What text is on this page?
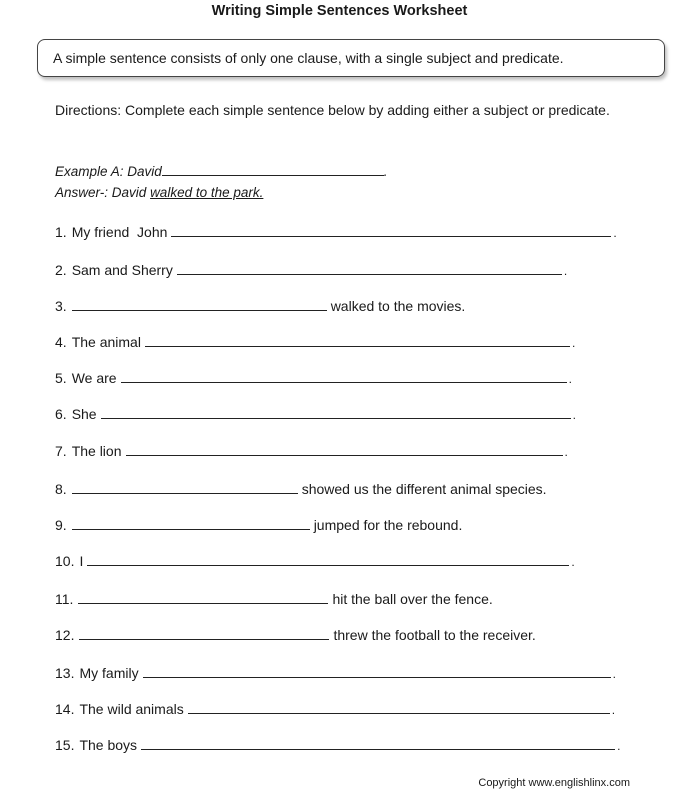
Writing Simple Sentences Worksheet
A simple sentence consists of only one clause, with a single subject and predicate.
Directions: Complete each simple sentence below by adding either a subject or predicate.
Example A: David	.
Answer-: David walked to the park.
1. My friend  John	.
2. Sam and Sherry	.
3.	walked to the movies.
4. The animal	.
5. We are	.
6. She	.
7. The lion	.
8.	showed us the different animal species.
9.	jumped for the rebound.
10. I	.
11.	hit the ball over the fence.
12.	threw the football to the receiver.
13. My family	.
14. The wild animals	.
15. The boys	.
Copyright www.englishlinx.com
